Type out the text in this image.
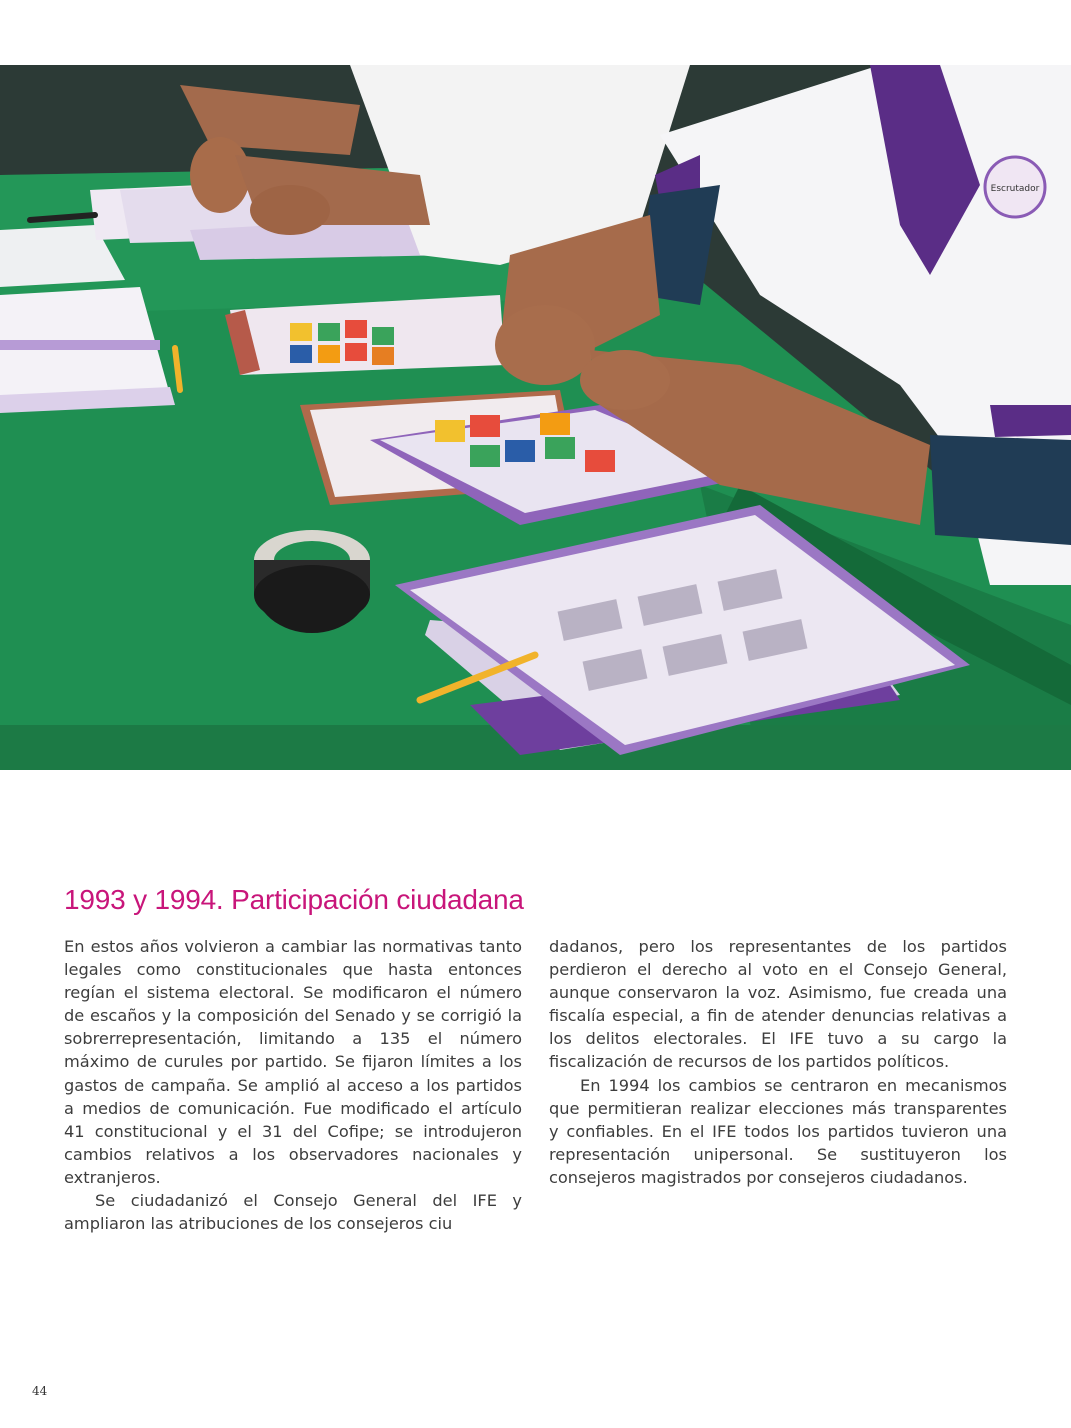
Escrutador
1993 y 1994. Participación ciudadana

En estos años volvieron a cambiar las normativas tanto legales como constitucionales que hasta entonces regían el sistema electoral. Se modificaron el número de escaños y la composición del Senado y se corrigió la sobrerrepresentación, limitando a 135 el número máximo de curules por partido. Se fijaron límites a los gastos de campaña. Se amplió al acceso a los partidos a medios de comunicación. Fue modificado el artículo 41 constitucional y el 31 del Cofipe; se introdujeron cambios relativos a los observadores nacionales y extranjeros.

Se ciudadanizó el Consejo General del IFE y ampliaron las atribuciones de los consejeros ciu

dadanos, pero los representantes de los partidos perdieron el derecho al voto en el Consejo General, aunque conservaron la voz. Asimismo, fue creada una fiscalía especial, a fin de atender denuncias relativas a los delitos electorales. El IFE tuvo a su cargo la fiscalización de recursos de los partidos políticos.

En 1994 los cambios se centraron en mecanismos que permitieran realizar elecciones más transparentes y confiables. En el IFE todos los partidos tuvieron una representación unipersonal. Se sustituyeron los consejeros magistrados por consejeros ciudadanos.

44
